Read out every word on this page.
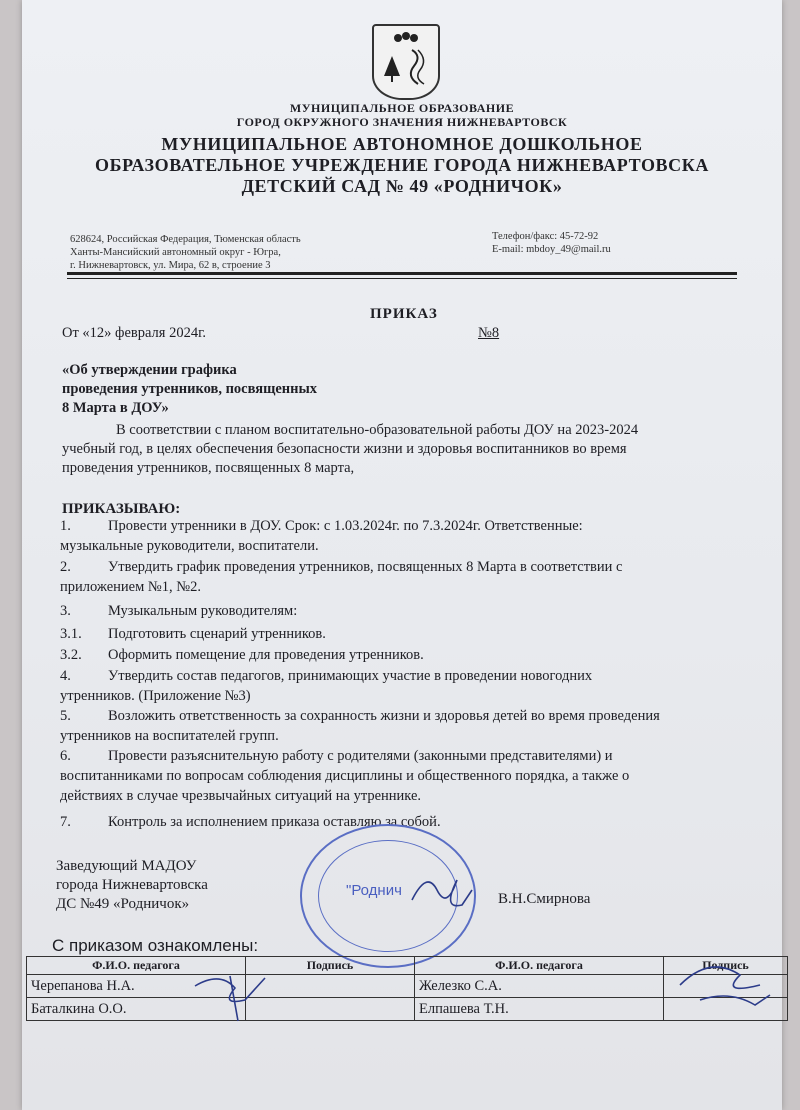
МУНИЦИПАЛЬНОЕ ОБРАЗОВАНИЕ
ГОРОД ОКРУЖНОГО ЗНАЧЕНИЯ НИЖНЕВАРТОВСК
МУНИЦИПАЛЬНОЕ АВТОНОМНОЕ ДОШКОЛЬНОЕ
ОБРАЗОВАТЕЛЬНОЕ УЧРЕЖДЕНИЕ ГОРОДА НИЖНЕВАРТОВСКА
ДЕТСКИЙ САД № 49 «РОДНИЧОК»
628624, Российская Федерация, Тюменская область
Ханты-Мансийский автономный округ - Югра,
г. Нижневартовск, ул. Мира, 62 в, строение 3
Телефон/факс: 45-72-92
E-mail: mbdoy_49@mail.ru
ПРИКАЗ
От «12» февраля 2024г.	№8
«Об утверждении графика
проведения утренников, посвященных
8 Марта в ДОУ»
В соответствии с планом воспитательно-образовательной работы ДОУ на 2023-2024
учебный год, в целях обеспечения безопасности жизни и здоровья воспитанников во время
проведения утренников, посвященных 8 марта,
ПРИКАЗЫВАЮ:
1.	Провести утренники в ДОУ. Срок: с 1.03.2024г. по 7.3.2024г. Ответственные:
музыкальные руководители, воспитатели.
2.	Утвердить график проведения утренников, посвященных 8 Марта в соответствии с
приложением №1, №2.
3.	Музыкальным руководителям:
3.1. Подготовить сценарий утренников.
3.2. Оформить помещение для проведения утренников.
4.	Утвердить состав педагогов, принимающих участие в проведении новогодних
утренников. (Приложение №3)
5.	Возложить ответственность за сохранность жизни и здоровья детей во время проведения
утренников на воспитателей групп.
6.	Провести разъяснительную работу с родителями (законными представителями) и
воспитанниками по вопросам соблюдения дисциплины и общественного порядка, а также о
действиях в случае чрезвычайных ситуаций на утреннике.
7.	Контроль за исполнением приказа оставляю за собой.
Заведующий МАДОУ
города Нижневартовска
ДС №49 «Родничок»	В.Н.Смирнова
"Роднич
С приказом ознакомлены:
Ф.И.О. педагога	Подпись	Ф.И.О. педагога	Подпись
Черепанова Н.А.		Железко С.А.	
Баталкина О.О.		Елпашева Т.Н.	
